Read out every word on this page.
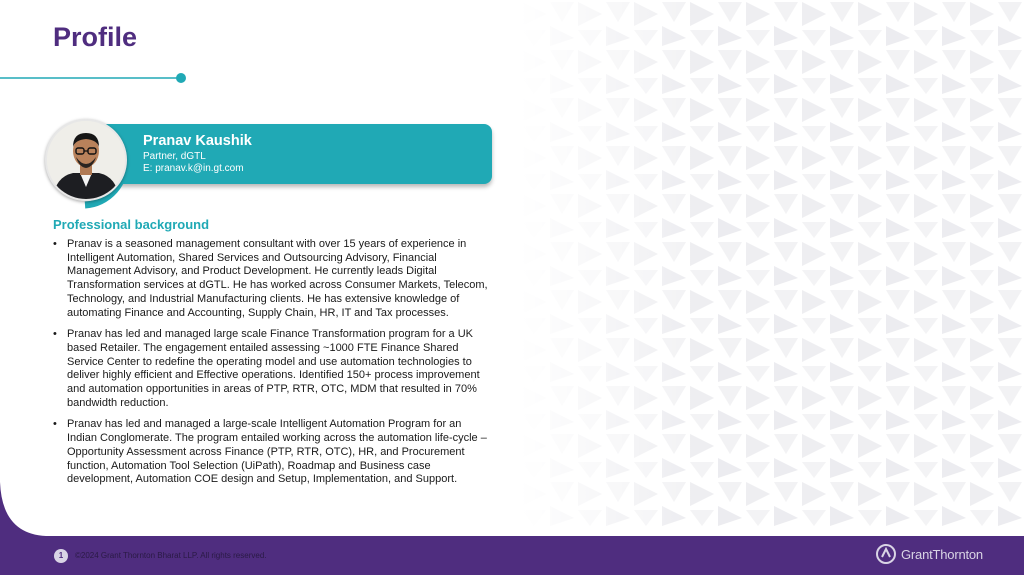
Profile
Pranav Kaushik
Partner, dGTL
E: pranav.k@in.gt.com
Professional background
• Pranav is a seasoned management consultant with over 15 years of experience in Intelligent Automation, Shared Services and Outsourcing Advisory, Financial Management Advisory, and Product Development. He currently leads Digital Transformation services at dGTL. He has worked across Consumer Markets, Telecom, Technology, and Industrial Manufacturing clients. He has extensive knowledge of automating Finance and Accounting, Supply Chain, HR, IT and Tax processes.
• Pranav has led and managed large scale Finance Transformation program for a UK based Retailer. The engagement entailed assessing ~1000 FTE Finance Shared Service Center to redefine the operating model and use automation technologies to deliver highly efficient and Effective operations. Identified 150+ process improvement and automation opportunities in areas of PTP, RTR, OTC, MDM that resulted in 70% bandwidth reduction.
• Pranav has led and managed a large-scale Intelligent Automation Program for an Indian Conglomerate. The program entailed working across the automation life-cycle – Opportunity Assessment across Finance (PTP, RTR, OTC), HR, and Procurement function, Automation Tool Selection (UiPath), Roadmap and Business case development, Automation COE design and Setup, Implementation, and Support.
1	©2024 Grant Thornton Bharat LLP. All rights reserved.	GrantThornton
